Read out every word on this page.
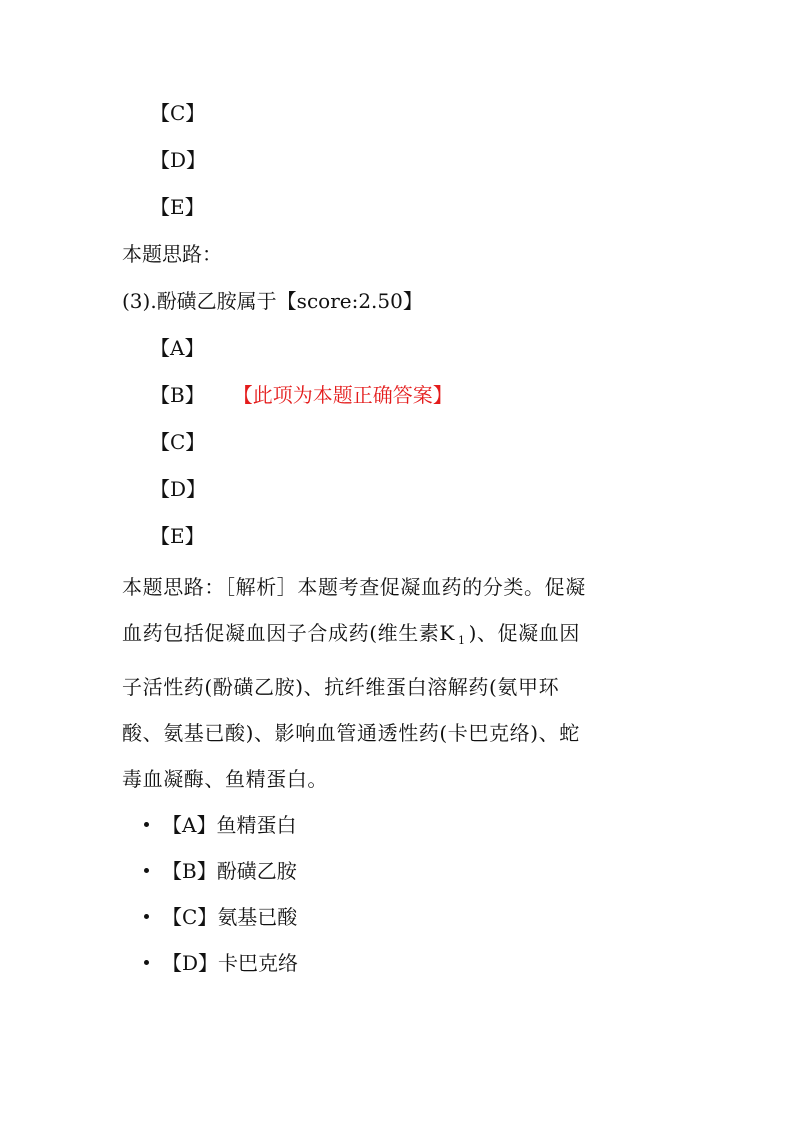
【C】
【D】
【E】
本题思路：
(3).酚磺乙胺属于【score:2.50】
【A】
【B】 【此项为本题正确答案】
【C】
【D】
【E】
本题思路：［解析］本题考查促凝血药的分类。促凝
血药包括促凝血因子合成药(维生素K $_1$ )、促凝血因
子活性药(酚磺乙胺)、抗纤维蛋白溶解药(氨甲环
酸、氨基已酸)、影响血管通透性药(卡巴克络)、蛇
毒血凝酶、鱼精蛋白。
【A】鱼精蛋白
【B】酚磺乙胺
【C】氨基已酸
【D】卡巴克络
